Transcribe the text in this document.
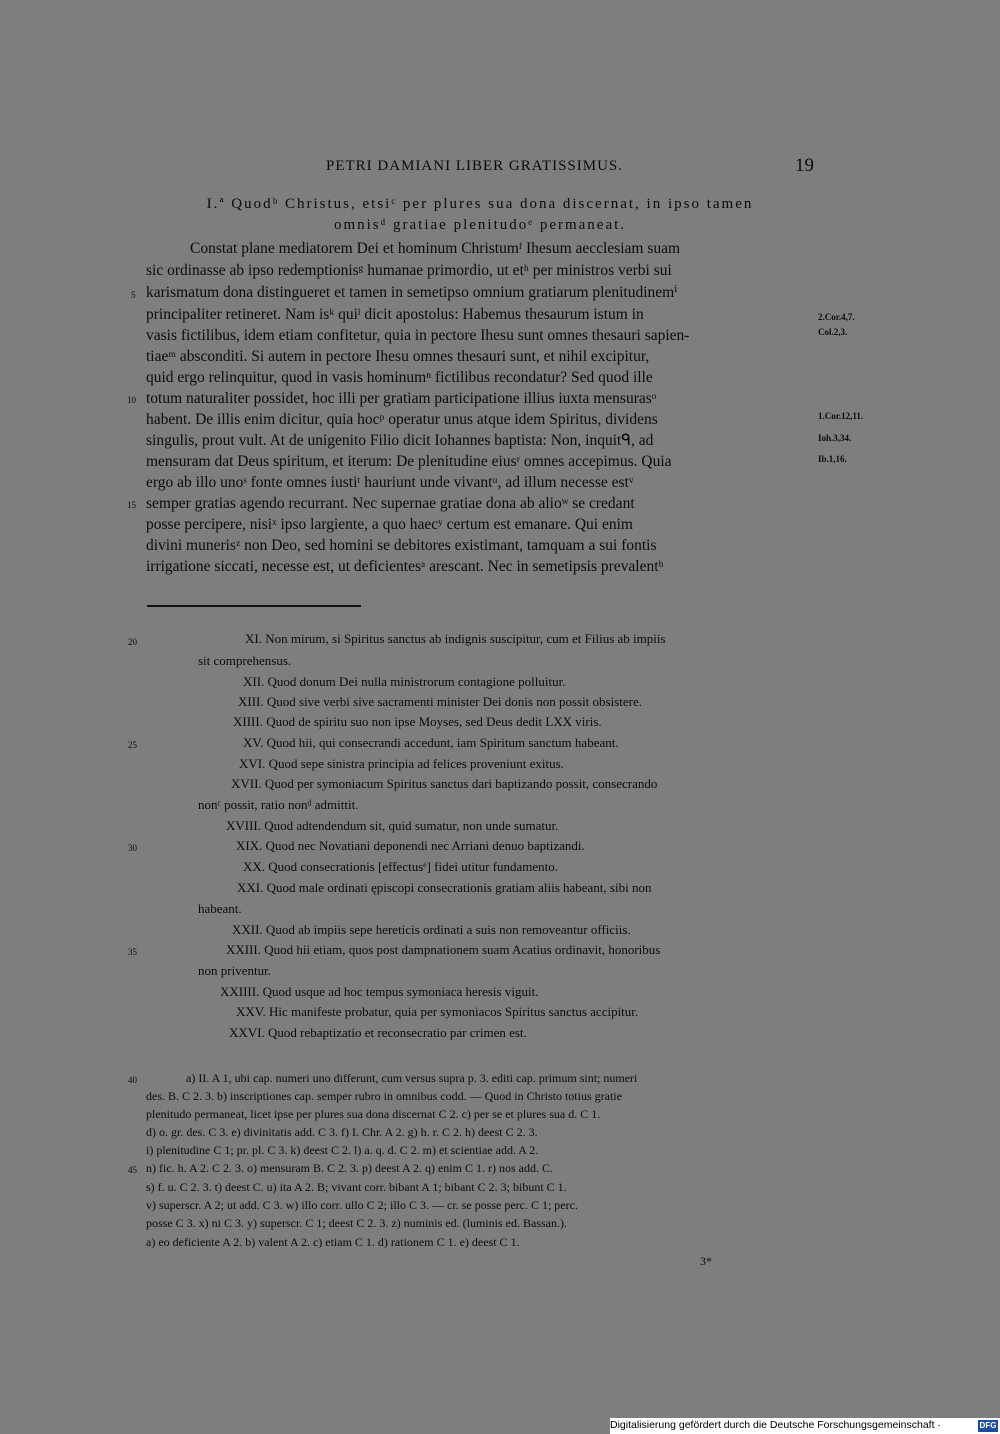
PETRI DAMIANI LIBER GRATISSIMUS.	19
I.ª Quodᵇ Christus, etsiᶜ per plures sua dona discernat, in ipso tamen
omnisᵈ gratiae plenitudoᵉ permaneat.
Constat plane mediatorem Dei et hominum Christumᶠ Ihesum aecclesiam suam
sic ordinasse ab ipso redemptionisᵍ humanae primordio, ut etʰ per ministros verbi sui
karismatum dona distingueret et tamen in semetipso omnium gratiarum plenitudinemⁱ
principaliter retineret. Nam isᵏ quiˡ dicit apostolus: Habemus thesaurum istum in
vasis fictilibus, idem etiam confitetur, quia in pectore Ihesu sunt omnes thesauri sapien-
tiaeᵐ absconditi. Si autem in pectore Ihesu omnes thesauri sunt, et nihil excipitur,
quid ergo relinquitur, quod in vasis hominumⁿ fictilibus recondatur? Sed quod ille
totum naturaliter possidet, hoc illi per gratiam participatione illius iuxta mensurasᵒ
habent. De illis enim dicitur, quia hocᵖ operatur unus atque idem Spiritus, dividens
singulis, prout vult. At de unigenito Filio dicit Iohannes baptista: Non, inquitᑫ, ad
mensuram dat Deus spiritum, et iterum: De plenitudine eiusʳ omnes accepimus. Quia
ergo ab illo unoˢ fonte omnes iustiᵗ hauriunt unde vivantᵘ, ad illum necesse estᵛ
semper gratias agendo recurrant. Nec supernae gratiae dona ab alioʷ se credant
posse percipere, nisiˣ ipso largiente, a quo haecʸ certum est emanare. Qui enim
divini munerisᶻ non Deo, sed homini se debitores existimant, tamquam a sui fontis
irrigatione siccati, necesse est, ut deficientesᵃ arescant. Nec in semetipsis prevalentᵇ
5
10
15
2.Cor.4,7.
Col.2,3.
1.Cor.12,11.
Ioh.3,34.
Ib.1,16.
XI. Non mirum, si Spiritus sanctus ab indignis suscipitur, cum et Filius ab impiis
sit comprehensus.
XII. Quod donum Dei nulla ministrorum contagione polluitur.
XIII. Quod sive verbi sive sacramenti minister Dei donis non possit obsistere.
XIIII. Quod de spiritu suo non ipse Moyses, sed Deus dedit LXX viris.
XV. Quod hii, qui consecrandi accedunt, iam Spiritum sanctum habeant.
XVI. Quod sepe sinistra principia ad felices proveniunt exitus.
XVII. Quod per symoniacum Spiritus sanctus dari baptizando possit, consecrando
nonᶜ possit, ratio nonᵈ admittit.
XVIII. Quod adtendendum sit, quid sumatur, non unde sumatur.
XIX. Quod nec Novatiani deponendi nec Arriani denuo baptizandi.
XX. Quod consecrationis [effectusᵉ] fidei utitur fundamento.
XXI. Quod male ordinati ępiscopi consecrationis gratiam aliis habeant, sibi non
habeant.
XXII. Quod ab impiis sepe hereticis ordinati a suis non removeantur officiis.
XXIII. Quod hii etiam, quos post dampnationem suam Acatius ordinavit, honoribus
non priventur.
XXIIII. Quod usque ad hoc tempus symoniaca heresis viguit.
XXV. Hic manifeste probatur, quia per symoniacos Spiritus sanctus accipitur.
XXVI. Quod rebaptizatio et reconsecratio par crimen est.
20
25
30
35
a) II. A 1, ubi cap. numeri uno differunt, cum versus supra p. 3. editi cap. primum sint; numeri
des. B. C 2. 3. b) inscriptiones cap. semper rubro in omnibus codd. — Quod in Christo totius gratie
plenitudo permaneat, licet ipse per plures sua dona discernat C 2. c) per se et plures sua d. C 1.
d) o. gr. des. C 3. e) divinitatis add. C 3. f) I. Chr. A 2. g) h. r. C 2. h) deest C 2. 3.
i) plenitudine C 1; pr. pl. C 3. k) deest C 2. l) a. q. d. C 2. m) et scientiae add. A 2.
n) fic. h. A 2. C 2. 3. o) mensuram B. C 2. 3. p) deest A 2. q) enim C 1. r) nos add. C.
s) f. u. C 2. 3. t) deest C. u) ita A 2. B; vivant corr. bibant A 1; bibant C 2. 3; bibunt C 1.
v) superscr. A 2; ut add. C 3. w) illo corr. ullo C 2; illo C 3. — cr. se posse perc. C 1; perc.
posse C 3. x) ni C 3. y) superscr. C 1; deest C 2. 3. z) numinis ed. (luminis ed. Bassan.).
a) eo deficiente A 2. b) valent A 2. c) etiam C 1. d) rationem C 1. e) deest C 1.
40
45
3*
Digitalisierung gefördert durch die Deutsche Forschungsgemeinschaft ·	DFG
